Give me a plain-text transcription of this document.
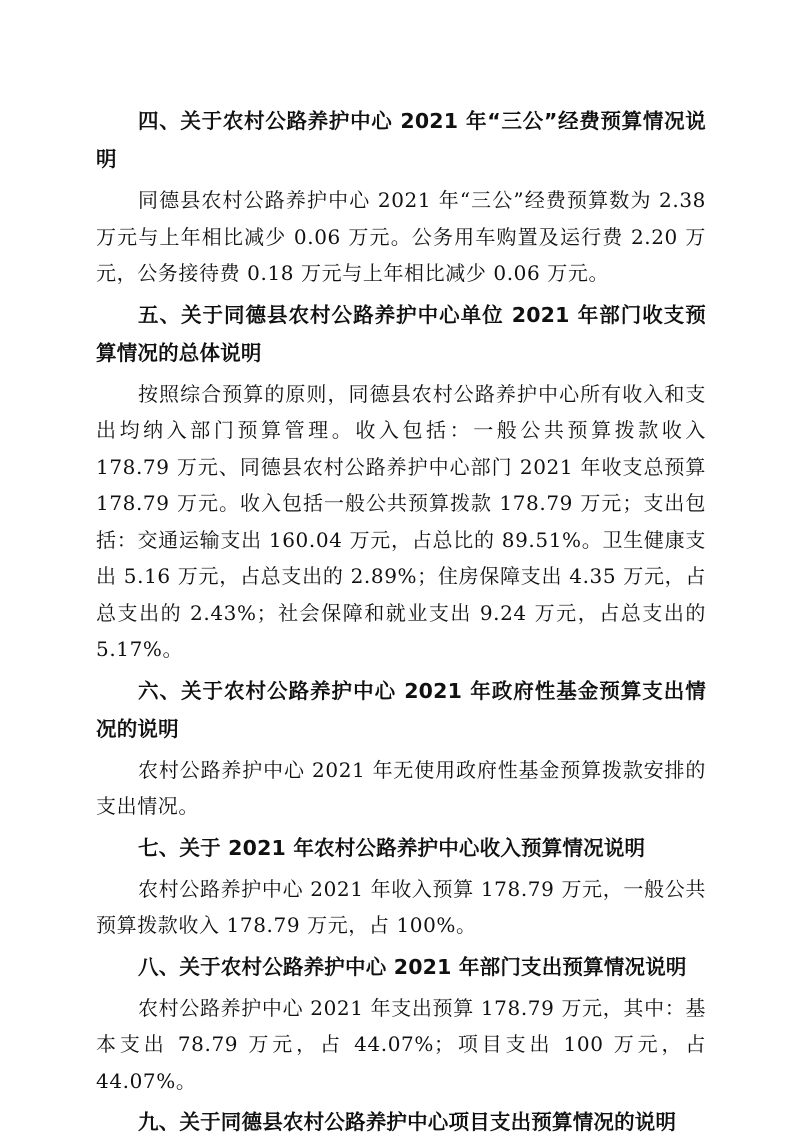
四、关于农村公路养护中心 2021 年“三公”经费预算情况说明

同德县农村公路养护中心 2021 年“三公”经费预算数为 2.38 万元与上年相比减少 0.06 万元。公务用车购置及运行费 2.20 万元，公务接待费 0.18 万元与上年相比减少 0.06 万元。

五、关于同德县农村公路养护中心单位 2021 年部门收支预算情况的总体说明

按照综合预算的原则，同德县农村公路养护中心所有收入和支出均纳入部门预算管理。收入包括：一般公共预算拨款收入 178.79 万元、同德县农村公路养护中心部门 2021 年收支总预算 178.79 万元。收入包括一般公共预算拨款 178.79 万元；支出包括：交通运输支出 160.04 万元，占总比的 89.51%。卫生健康支出 5.16 万元，占总支出的 2.89%；住房保障支出 4.35 万元，占总支出的 2.43%；社会保障和就业支出 9.24 万元，占总支出的 5.17%。

六、关于农村公路养护中心 2021 年政府性基金预算支出情况的说明

农村公路养护中心 2021 年无使用政府性基金预算拨款安排的支出情况。

七、关于 2021 年农村公路养护中心收入预算情况说明

农村公路养护中心 2021 年收入预算 178.79 万元，一般公共预算拨款收入 178.79 万元，占 100%。

八、关于农村公路养护中心 2021 年部门支出预算情况说明

农村公路养护中心 2021 年支出预算 178.79 万元，其中：基本支出 78.79 万元，占 44.07%；项目支出 100 万元，占 44.07%。

九、关于同德县农村公路养护中心项目支出预算情况的说明
